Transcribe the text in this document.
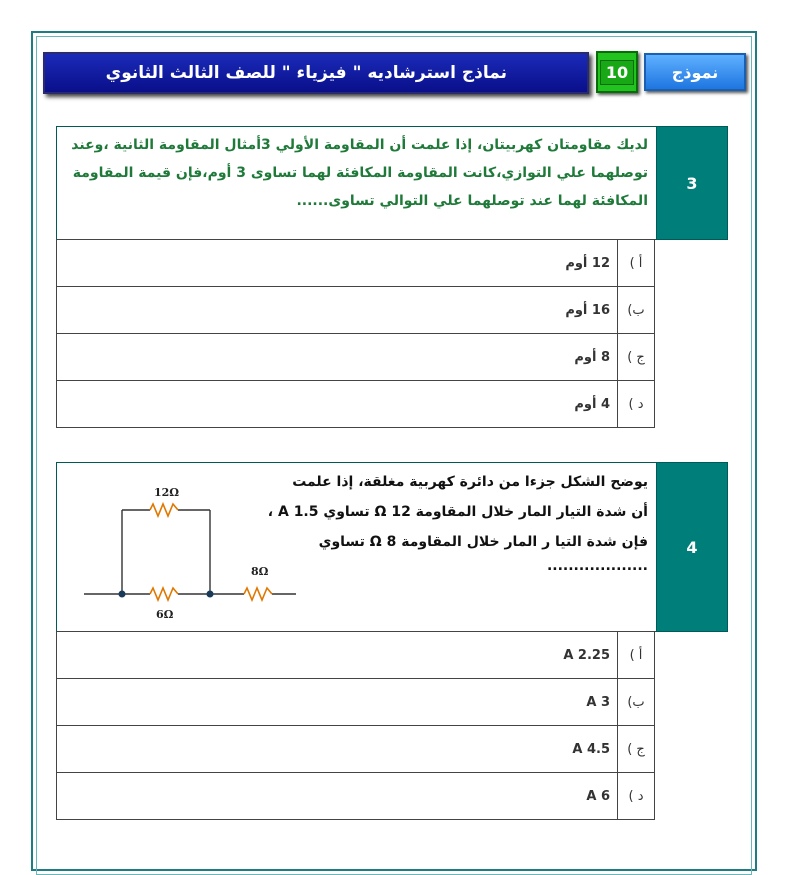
نماذج استرشاديه " فيزياء " للصف الثالث الثانوي	10	نموذج
لديك مقاومتان كهربيتان، إذا علمت أن المقاومة الأولي 3أمثال المقاومة الثانية ،وعند توصلهما علي التوازي،كانت المقاومة المكافئة لهما تساوى 3 أوم،فإن قيمة المقاومة المكافئة لهما عند توصلهما علي التوالي تساوى......
3
أ )
12 أوم
ب)
16 أوم
ج )
8 أوم
د )
4 أوم
يوضح الشكل جزءا من دائرة كهربية مغلقة، إذا علمت
أن شدة التيار المار خلال المقاومة Ω 12 تساوي 1.5 A ،
فإن شدة التيا ر المار خلال المقاومة Ω 8 تساوي
...................
4
12Ω
6Ω
8Ω
أ )
2.25 A
ب)
3 A
ج )
4.5 A
د )
6 A
